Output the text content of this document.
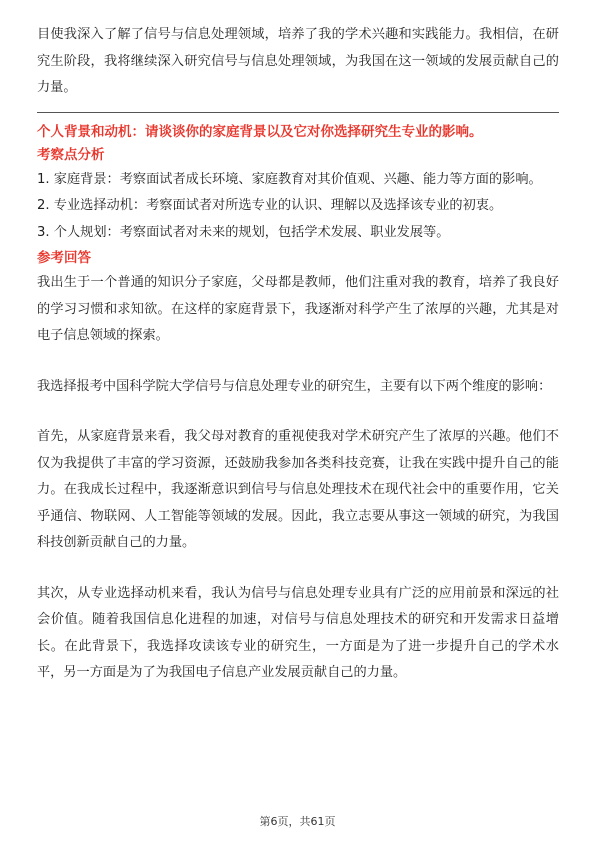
目使我深入了解了信号与信息处理领域，培养了我的学术兴趣和实践能力。我相信，在研究生阶段，我将继续深入研究信号与信息处理领域，为我国在这一领域的发展贡献自己的力量。

个人背景和动机：请谈谈你的家庭背景以及它对你选择研究生专业的影响。

考察点分析

1. 家庭背景：考察面试者成长环境、家庭教育对其价值观、兴趣、能力等方面的影响。
2. 专业选择动机：考察面试者对所选专业的认识、理解以及选择该专业的初衷。
3. 个人规划：考察面试者对未来的规划，包括学术发展、职业发展等。

参考回答

我出生于一个普通的知识分子家庭，父母都是教师，他们注重对我的教育，培养了我良好的学习习惯和求知欲。在这样的家庭背景下，我逐渐对科学产生了浓厚的兴趣，尤其是对电子信息领域的探索。

我选择报考中国科学院大学信号与信息处理专业的研究生，主要有以下两个维度的影响：

首先，从家庭背景来看，我父母对教育的重视使我对学术研究产生了浓厚的兴趣。他们不仅为我提供了丰富的学习资源，还鼓励我参加各类科技竞赛，让我在实践中提升自己的能力。在我成长过程中，我逐渐意识到信号与信息处理技术在现代社会中的重要作用，它关乎通信、物联网、人工智能等领域的发展。因此，我立志要从事这一领域的研究，为我国科技创新贡献自己的力量。

其次，从专业选择动机来看，我认为信号与信息处理专业具有广泛的应用前景和深远的社会价值。随着我国信息化进程的加速，对信号与信息处理技术的研究和开发需求日益增长。在此背景下，我选择攻读该专业的研究生，一方面是为了进一步提升自己的学术水平，另一方面是为了为我国电子信息产业发展贡献自己的力量。

第6页，共61页
